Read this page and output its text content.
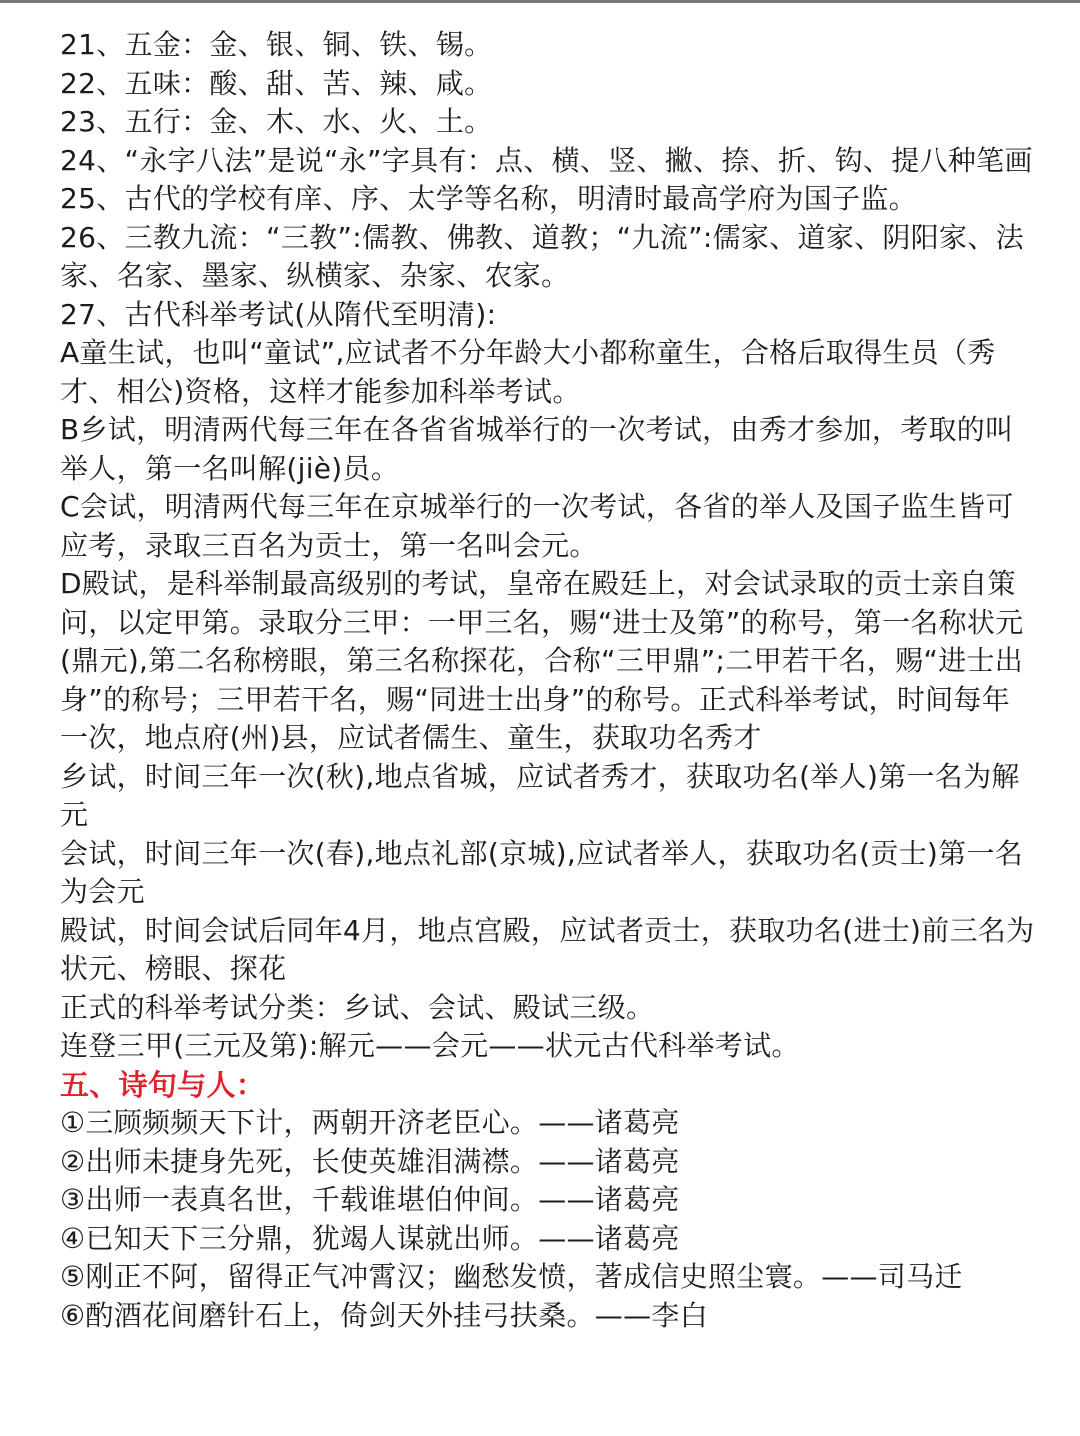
21、五金：金、银、铜、铁、锡。

22、五味：酸、甜、苦、辣、咸。

23、五行：金、木、水、火、土。

24、“永字八法”是说“永”字具有：点、横、竖、撇、捺、折、钩、提八种笔画

25、古代的学校有庠、序、太学等名称，明清时最高学府为国子监。

26、三教九流：“三教”:儒教、佛教、道教；“九流”:儒家、道家、阴阳家、法家、名家、墨家、纵横家、杂家、农家。

27、古代科举考试(从隋代至明清):

A童生试，也叫“童试”,应试者不分年龄大小都称童生，合格后取得生员（秀才、相公)资格，这样才能参加科举考试。

B乡试，明清两代每三年在各省省城举行的一次考试，由秀才参加，考取的叫举人，第一名叫解(jiè)员。

C会试，明清两代每三年在京城举行的一次考试，各省的举人及国子监生皆可应考，录取三百名为贡士，第一名叫会元。

D殿试，是科举制最高级别的考试，皇帝在殿廷上，对会试录取的贡士亲自策问，以定甲第。录取分三甲：一甲三名，赐“进士及第”的称号，第一名称状元(鼎元),第二名称榜眼，第三名称探花，合称“三甲鼎”;二甲若干名，赐“进士出身”的称号；三甲若干名，赐“同进士出身”的称号。正式科举考试，时间每年一次，地点府(州)县，应试者儒生、童生，获取功名秀才

乡试，时间三年一次(秋),地点省城，应试者秀才，获取功名(举人)第一名为解元

会试，时间三年一次(春),地点礼部(京城),应试者举人，获取功名(贡士)第一名为会元

殿试，时间会试后同年4月，地点宫殿，应试者贡士，获取功名(进士)前三名为状元、榜眼、探花

正式的科举考试分类：乡试、会试、殿试三级。

连登三甲(三元及第):解元——会元——状元古代科举考试。

五、诗句与人：

①三顾频频天下计，两朝开济老臣心。——诸葛亮

②出师未捷身先死，长使英雄泪满襟。——诸葛亮

③出师一表真名世，千载谁堪伯仲间。——诸葛亮

④已知天下三分鼎，犹竭人谋就出师。——诸葛亮

⑤刚正不阿，留得正气冲霄汉；幽愁发愤，著成信史照尘寰。——司马迁

⑥酌酒花间磨针石上，倚剑天外挂弓扶桑。——李白
